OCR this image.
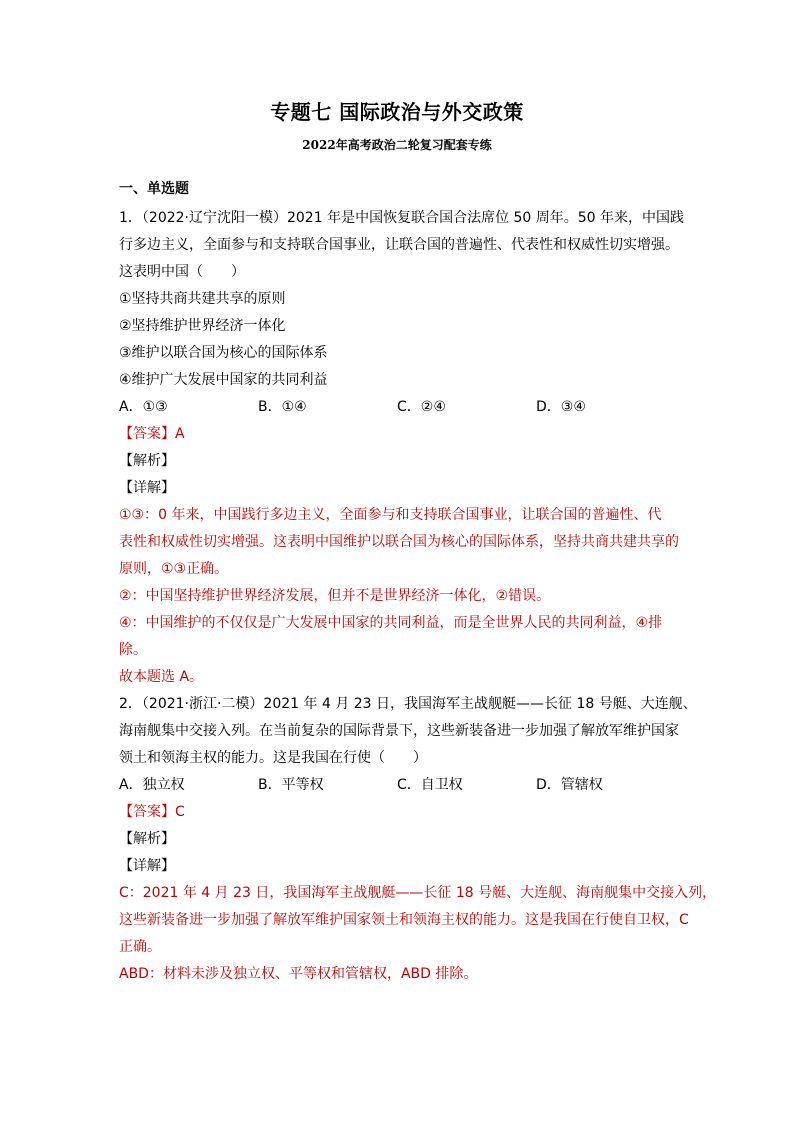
专题七 国际政治与外交政策
2022年高考政治二轮复习配套专练
一、单选题
1．（2022·辽宁沈阳一模）2021 年是中国恢复联合国合法席位 50 周年。50 年来，中国践
行多边主义，全面参与和支持联合国事业，让联合国的普遍性、代表性和权威性切实增强。
这表明中国（　　）
①坚持共商共建共享的原则
②坚持维护世界经济一体化
③维护以联合国为核心的国际体系
④维护广大发展中国家的共同利益
A．①③	B．①④	C．②④	D．③④
【答案】A
【解析】
【详解】
①③：0 年来，中国践行多边主义，全面参与和支持联合国事业，让联合国的普遍性、代
表性和权威性切实增强。这表明中国维护以联合国为核心的国际体系，坚持共商共建共享的
原则，①③正确。
②：中国坚持维护世界经济发展，但并不是世界经济一体化，②错误。
④：中国维护的不仅仅是广大发展中国家的共同利益，而是全世界人民的共同利益，④排
除。
故本题选 A。
2．（2021·浙江·二模）2021 年 4 月 23 日，我国海军主战舰艇——长征 18 号艇、大连舰、
海南舰集中交接入列。在当前复杂的国际背景下，这些新装备进一步加强了解放军维护国家
领土和领海主权的能力。这是我国在行使（　　）
A．独立权	B．平等权	C．自卫权	D．管辖权
【答案】C
【解析】
【详解】
C：2021 年 4 月 23 日，我国海军主战舰艇——长征 18 号艇、大连舰、海南舰集中交接入列，
这些新装备进一步加强了解放军维护国家领土和领海主权的能力。这是我国在行使自卫权，C
正确。
ABD：材料未涉及独立权、平等权和管辖权，ABD 排除。
